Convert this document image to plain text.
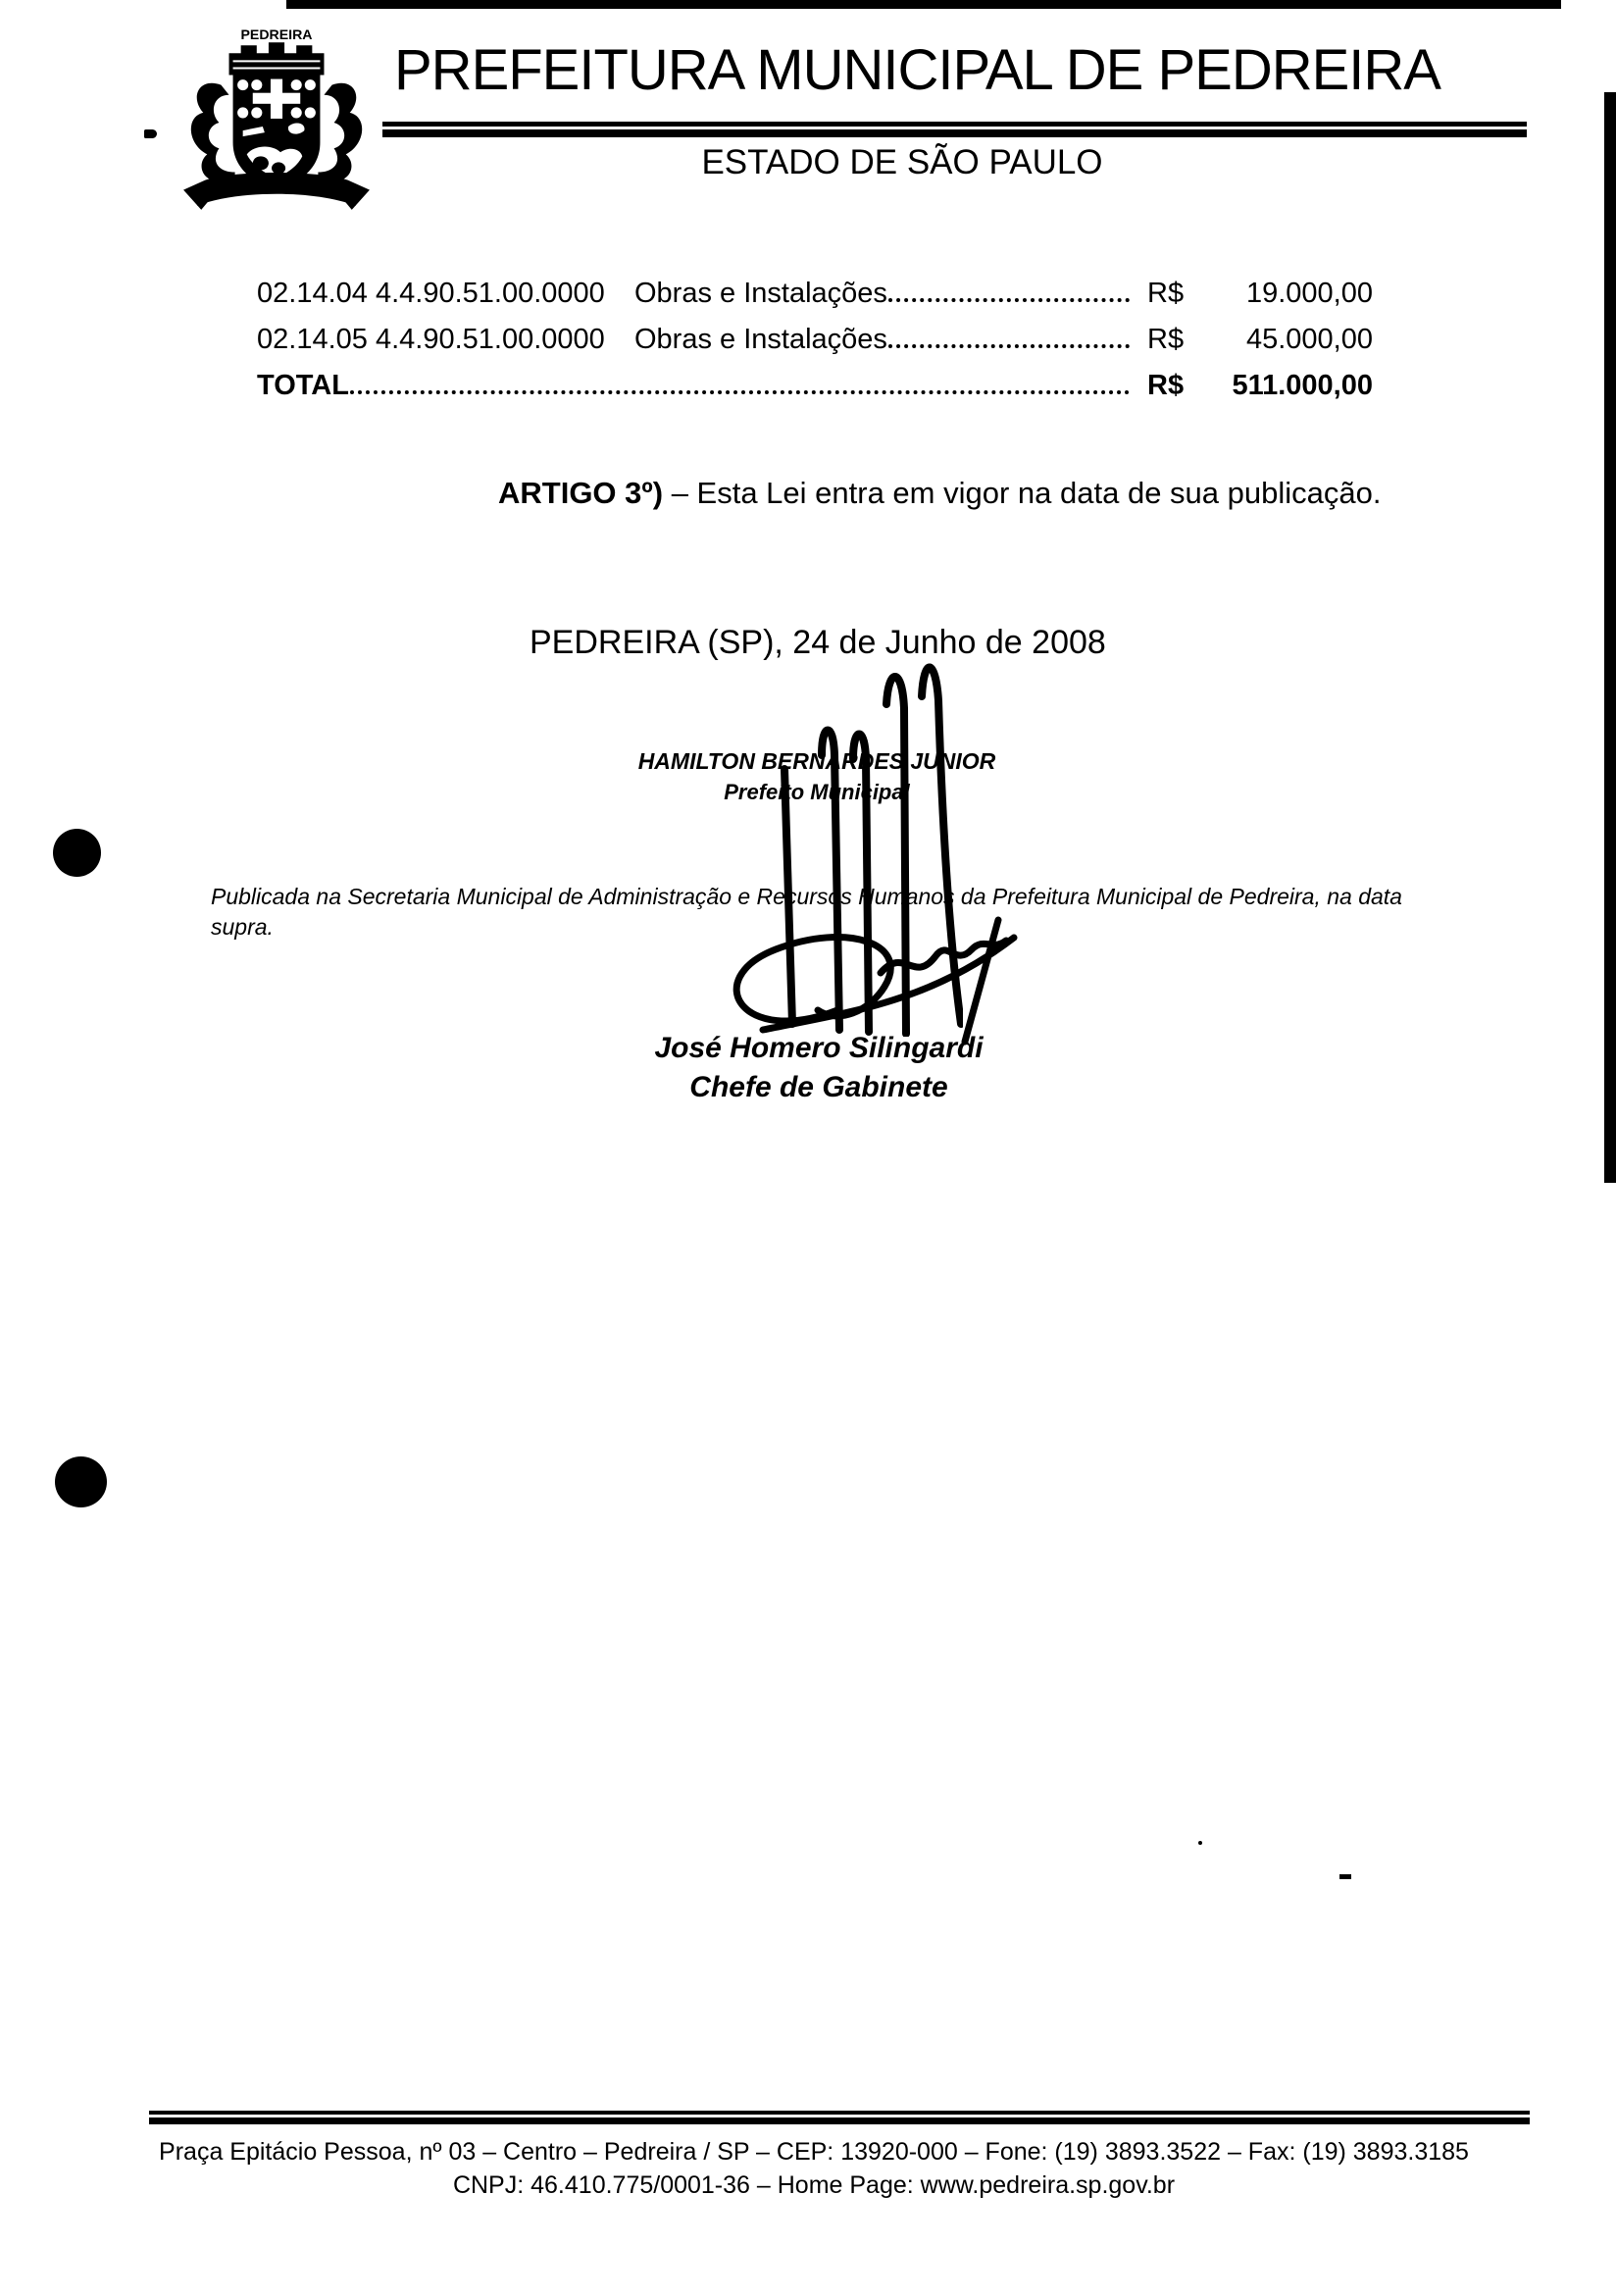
PEDREIRA
PREFEITURA MUNICIPAL DE PEDREIRA
ESTADO DE SÃO PAULO
02.14.04 4.4.90.51.00.0000	Obras e Instalações	R$	19.000,00
02.14.05 4.4.90.51.00.0000	Obras e Instalações	R$	45.000,00
TOTAL	R$	511.000,00
ARTIGO 3º) – Esta Lei entra em vigor na data de sua publicação.
PEDREIRA (SP), 24 de Junho de 2008
HAMILTON BERNARDES JUNIOR
Prefeito Municipal
Publicada na Secretaria Municipal de Administração e Recursos Humanos da Prefeitura Municipal de Pedreira, na data supra.
José Homero Silingardi
Chefe de Gabinete
Praça Epitácio Pessoa, nº 03 – Centro – Pedreira / SP – CEP: 13920-000 – Fone: (19) 3893.3522 – Fax: (19) 3893.3185
CNPJ: 46.410.775/0001-36 – Home Page: www.pedreira.sp.gov.br
